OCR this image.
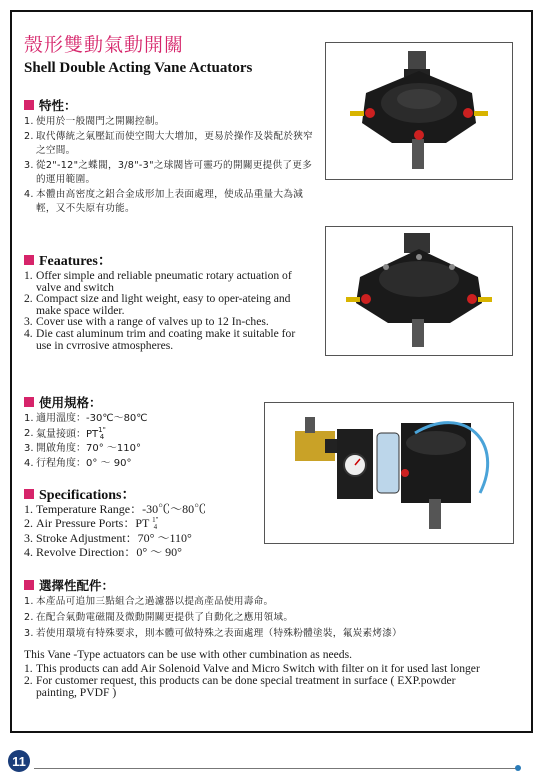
殼形雙動氣動開關
Shell Double Acting Vane Actuators
特性：
1. 使用於一般閥門之開關控制。
2. 取代傳統之氣壓缸而使空間大大增加，更易於操作及裝配於狹窄之空間。
3. 從2"-12"之蝶閥，3/8"-3"之球閥皆可靈巧的開關更提供了更多的運用範圍。
4. 本體由高密度之鋁合金成形加上表面處理，使成品重量大為減輕，又不失原有功能。
Feaatures：
1. Offer simple and reliable pneumatic rotary actuation of valve and switch
2. Compact size and light weight, easy to oper-ateing and make space wilder.
3. Cover use with a range of valves up to 12 In-ches.
4. Die cast aluminum trim and coating make it suitable for use in cvrrosive atmospheres.
使用規格：
1. 適用溫度：-30℃～80℃
2. 氣量接頭：PT1"
4
3. 開啟角度：70° ～110°
4. 行程角度：0° ～ 90°
Specifications：
1. Temperature Range：-30℃～80℃
2. Air Pressure Ports：PT 1"
4
3. Stroke Adjustment：70° ～110°
4. Revolve Direction：0° ～ 90°
選擇性配件：
1. 本產品可追加三點組合之過濾器以提高產品使用壽命。
2. 在配合氣動電磁閥及微動開關更提供了自動化之應用領域。
3. 若使用環境有特殊要求，則本體可做特殊之表面處理（特殊粉體塗裝，氟炭素烤漆）
This Vane -Type actuators can be use with other cumbination as needs.
1. This products can add Air Solenoid Valve and Micro Switch with filter on it for used last longer
2. For customer request, this products can be done special treatment in surface ( EXP.powder painting, PVDF )
11
